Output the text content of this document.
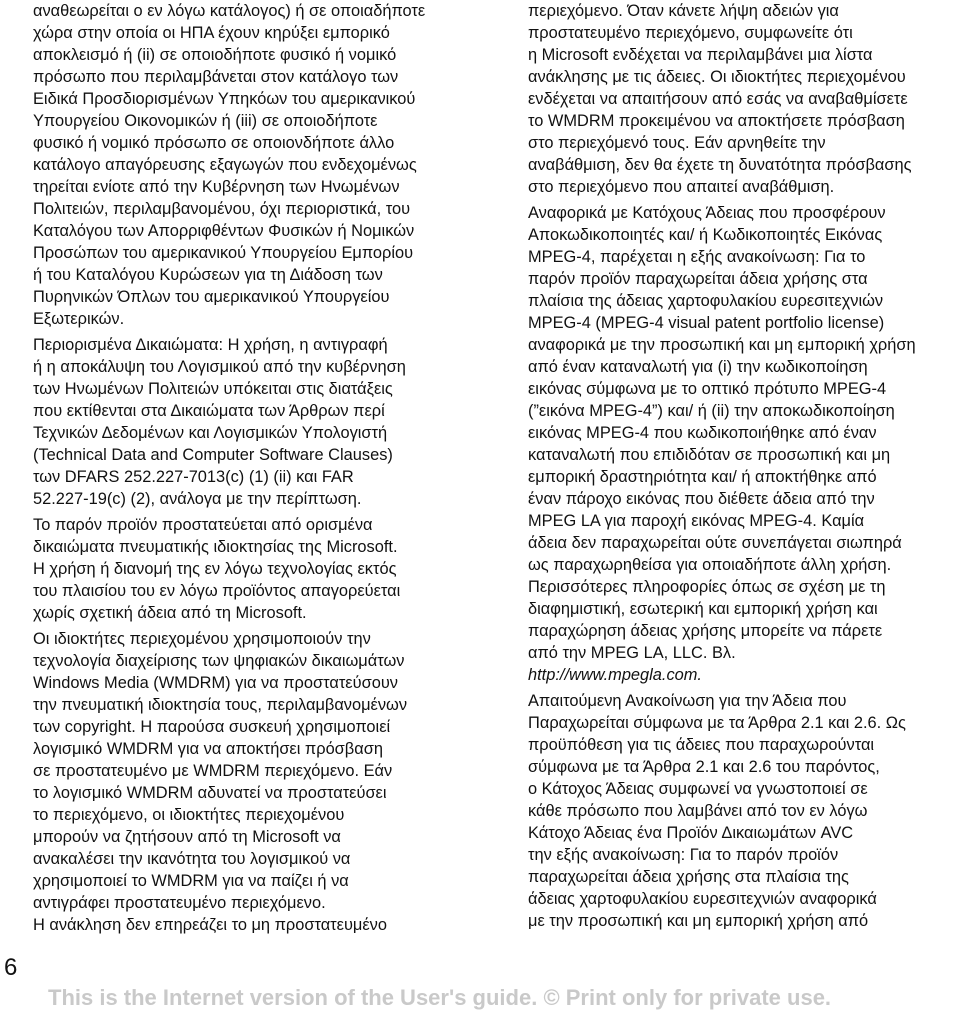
αναθεωρείται ο εν λόγω κατάλογος) ή σε οποιαδήποτε
χώρα στην οποία οι ΗΠΑ έχουν κηρύξει εμπορικό
αποκλεισμό ή (ii) σε οποιοδήποτε φυσικό ή νομικό
πρόσωπο που περιλαμβάνεται στον κατάλογο των
Ειδικά Προσδιορισμένων Υπηκόων του αμερικανικού
Υπουργείου Οικονομικών ή (iii) σε οποιοδήποτε
φυσικό ή νομικό πρόσωπο σε οποιονδήποτε άλλο
κατάλογο απαγόρευσης εξαγωγών που ενδεχομένως
τηρείται ενίοτε από την Κυβέρνηση των Ηνωμένων
Πολιτειών, περιλαμβανομένου, όχι περιοριστικά, του
Καταλόγου των Απορριφθέντων Φυσικών ή Νομικών
Προσώπων του αμερικανικού Υπουργείου Εμπορίου
ή του Καταλόγου Κυρώσεων για τη Διάδοση των
Πυρηνικών Όπλων του αμερικανικού Υπουργείου
Εξωτερικών.

Περιορισμένα Δικαιώματα: Η χρήση, η αντιγραφή
ή η αποκάλυψη του Λογισμικού από την κυβέρνηση
των Ηνωμένων Πολιτειών υπόκειται στις διατάξεις
που εκτίθενται στα Δικαιώματα των Άρθρων περί
Τεχνικών Δεδομένων και Λογισμικών Υπολογιστή
(Technical Data and Computer Software Clauses)
των DFARS 252.227-7013(c) (1) (ii) και FAR
52.227-19(c) (2), ανάλογα με την περίπτωση.

Το παρόν προϊόν προστατεύεται από ορισμένα
δικαιώματα πνευματικής ιδιοκτησίας της Microsoft.
Η χρήση ή διανομή της εν λόγω τεχνολογίας εκτός
του πλαισίου του εν λόγω προϊόντος απαγορεύεται
χωρίς σχετική άδεια από τη Microsoft.

Οι ιδιοκτήτες περιεχομένου χρησιμοποιούν την
τεχνολογία διαχείρισης των ψηφιακών δικαιωμάτων
Windows Media (WMDRM) για να προστατεύσουν
την πνευματική ιδιοκτησία τους, περιλαμβανομένων
των copyright. Η παρούσα συσκευή χρησιμοποιεί
λογισμικό WMDRM για να αποκτήσει πρόσβαση
σε προστατευμένο με WMDRM περιεχόμενο. Εάν
το λογισμικό WMDRM αδυνατεί να προστατεύσει
το περιεχόμενο, οι ιδιοκτήτες περιεχομένου
μπορούν να ζητήσουν από τη Microsoft να
ανακαλέσει την ικανότητα του λογισμικού να
χρησιμοποιεί το WMDRM για να παίζει ή να
αντιγράφει προστατευμένο περιεχόμενο.
Η ανάκληση δεν επηρεάζει το μη προστατευμένο

περιεχόμενο. Όταν κάνετε λήψη αδειών για
προστατευμένο περιεχόμενο, συμφωνείτε ότι
η Microsoft ενδέχεται να περιλαμβάνει μια λίστα
ανάκλησης με τις άδειες. Οι ιδιοκτήτες περιεχομένου
ενδέχεται να απαιτήσουν από εσάς να αναβαθμίσετε
το WMDRM προκειμένου να αποκτήσετε πρόσβαση
στο περιεχόμενό τους. Εάν αρνηθείτε την
αναβάθμιση, δεν θα έχετε τη δυνατότητα πρόσβασης
στο περιεχόμενο που απαιτεί αναβάθμιση.

Αναφορικά με Κατόχους Άδειας που προσφέρουν
Αποκωδικοποιητές και/ ή Κωδικοποιητές Εικόνας
MPEG-4, παρέχεται η εξής ανακοίνωση: Για το
παρόν προϊόν παραχωρείται άδεια χρήσης στα
πλαίσια της άδειας χαρτοφυλακίου ευρεσιτεχνιών
MPEG-4 (MPEG-4 visual patent portfolio license)
αναφορικά με την προσωπική και μη εμπορική χρήση
από έναν καταναλωτή για (i) την κωδικοποίηση
εικόνας σύμφωνα με το οπτικό πρότυπο MPEG-4
(”εικόνα MPEG-4”) και/ ή (ii) την αποκωδικοποίηση
εικόνας MPEG-4 που κωδικοποιήθηκε από έναν
καταναλωτή που επιδιδόταν σε προσωπική και μη
εμπορική δραστηριότητα και/ ή αποκτήθηκε από
έναν πάροχο εικόνας που διέθετε άδεια από την
MPEG LA για παροχή εικόνας MPEG-4. Καμία
άδεια δεν παραχωρείται ούτε συνεπάγεται σιωπηρά
ως παραχωρηθείσα για οποιαδήποτε άλλη χρήση.
Περισσότερες πληροφορίες όπως σε σχέση με τη
διαφημιστική, εσωτερική και εμπορική χρήση και
παραχώρηση άδειας χρήσης μπορείτε να πάρετε
από την MPEG LA, LLC. Βλ.

http://www.mpegla.com.

Απαιτούμενη Ανακοίνωση για την Άδεια που
Παραχωρείται σύμφωνα με τα Άρθρα 2.1 και 2.6. Ως
προϋπόθεση για τις άδειες που παραχωρούνται
σύμφωνα με τα Άρθρα 2.1 και 2.6 του παρόντος,
ο Κάτοχος Άδειας συμφωνεί να γνωστοποιεί σε
κάθε πρόσωπο που λαμβάνει από τον εν λόγω
Κάτοχο Άδειας ένα Προϊόν Δικαιωμάτων AVC
την εξής ανακοίνωση: Για το παρόν προϊόν
παραχωρείται άδεια χρήσης στα πλαίσια της
άδειας χαρτοφυλακίου ευρεσιτεχνιών αναφορικά
με την προσωπική και μη εμπορική χρήση από

6
This is the Internet version of the User's guide. © Print only for private use.
